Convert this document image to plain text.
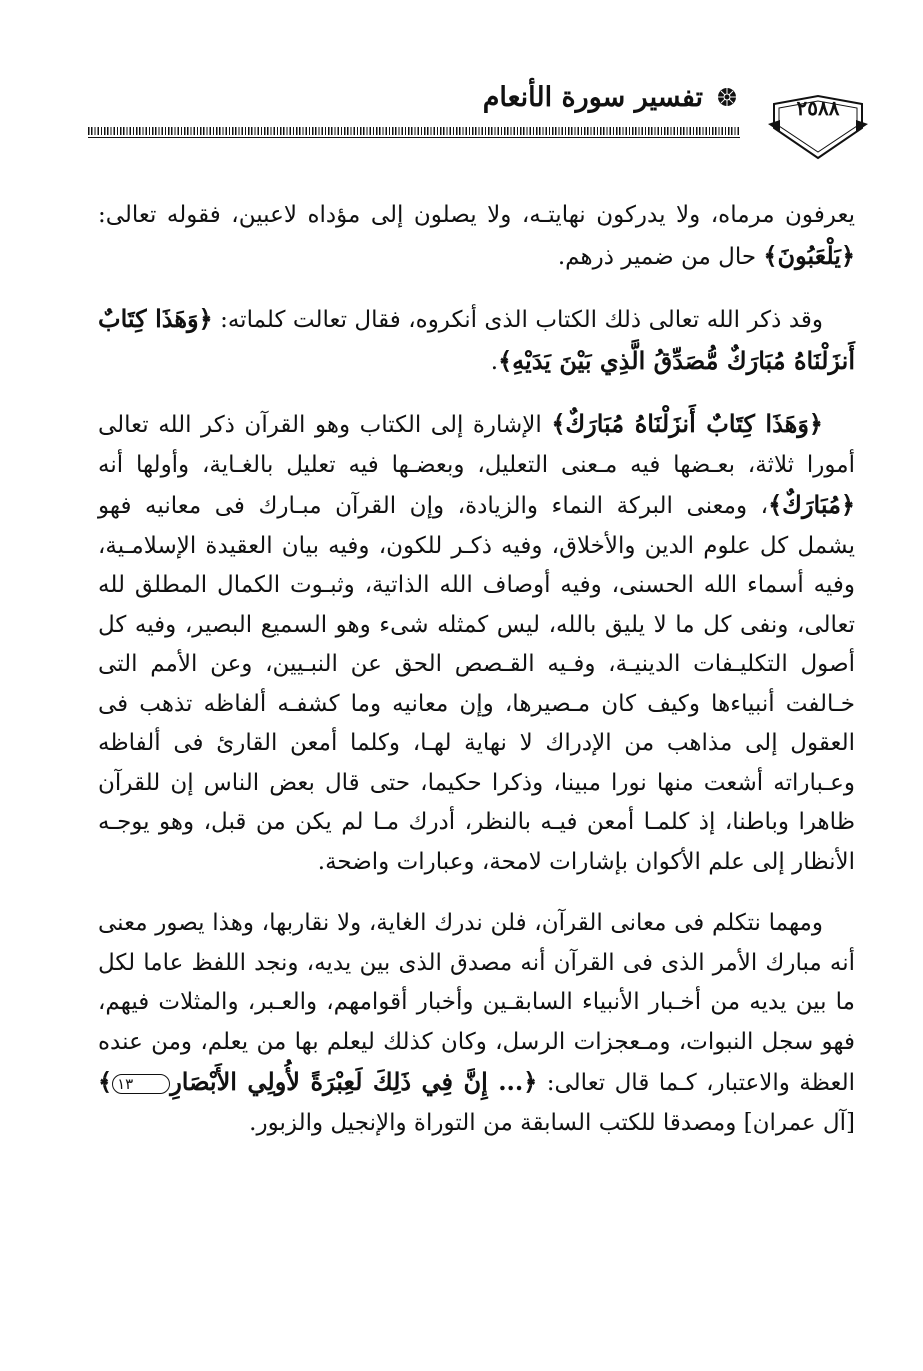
تفسير سورة الأنعام	٢٥٨٨

يعرفون مرماه، ولا يدركون نهايتـه، ولا يصلون إلى مؤداه لاعبين، فقوله تعالى: ﴿يَلْعَبُونَ﴾ حال من ضمير ذرهم.

وقد ذكر الله تعالى ذلك الكتاب الذى أنكروه، فقال تعالت كلماته: ﴿وَهَذَا كِتَابٌ أَنزَلْنَاهُ مُبَارَكٌ مُّصَدِّقُ الَّذِي بَيْنَ يَدَيْهِ﴾.

﴿وَهَذَا كِتَابٌ أَنزَلْنَاهُ مُبَارَكٌ﴾ الإشارة إلى الكتاب وهو القرآن ذكر الله تعالى أمورا ثلاثة، بعـضها فيه مـعنى التعليل، وبعضـها فيه تعليل بالغـاية، وأولها أنه ﴿مُبَارَكٌ﴾، ومعنى البركة النماء والزيادة، وإن القرآن مبـارك فى معانيه فهو يشمل كل علوم الدين والأخلاق، وفيه ذكـر للكون، وفيه بيان العقيدة الإسلامـية، وفيه أسماء الله الحسنى، وفيه أوصاف الله الذاتية، وثبـوت الكمال المطلق لله تعالى، ونفى كل ما لا يليق بالله، ليس كمثله شىء وهو السميع البصير، وفيه كل أصول التكليـفات الدينيـة، وفـيه القـصص الحق عن النبـيين، وعن الأمم التى خـالفت أنبياءها وكيف كان مـصيرها، وإن معانيه وما كشفـه ألفاظه تذهب فى العقول إلى مذاهب من الإدراك لا نهاية لهـا، وكلما أمعن القارئ فى ألفاظه وعـباراته أشعت منها نورا مبينا، وذكرا حكيما، حتى قال بعض الناس إن للقرآن ظاهرا وباطنا، إذ كلمـا أمعن فيـه بالنظر، أدرك مـا لم يكن من قبل، وهو يوجـه الأنظار إلى علم الأكوان بإشارات لامحة، وعبارات واضحة.

ومهما نتكلم فى معانى القرآن، فلن ندرك الغاية، ولا نقاربها، وهذا يصور معنى أنه مبارك الأمر الذى فى القرآن أنه مصدق الذى بين يديه، ونجد اللفظ عاما لكل ما بين يديه من أخـبار الأنبياء السابقـين وأخبار أقوامهم، والعـبر، والمثلات فيهم، فهو سجل النبوات، ومـعجزات الرسل، وكان كذلك ليعلم بها من يعلم، ومن عنده العظة والاعتبار، كـما قال تعالى: ﴿... إِنَّ فِي ذَلِكَ لَعِبْرَةً لأُولِي الأَبْصَارِ١٣﴾ [آل عمران] ومصدقا للكتب السابقة من التوراة والإنجيل والزبور.
